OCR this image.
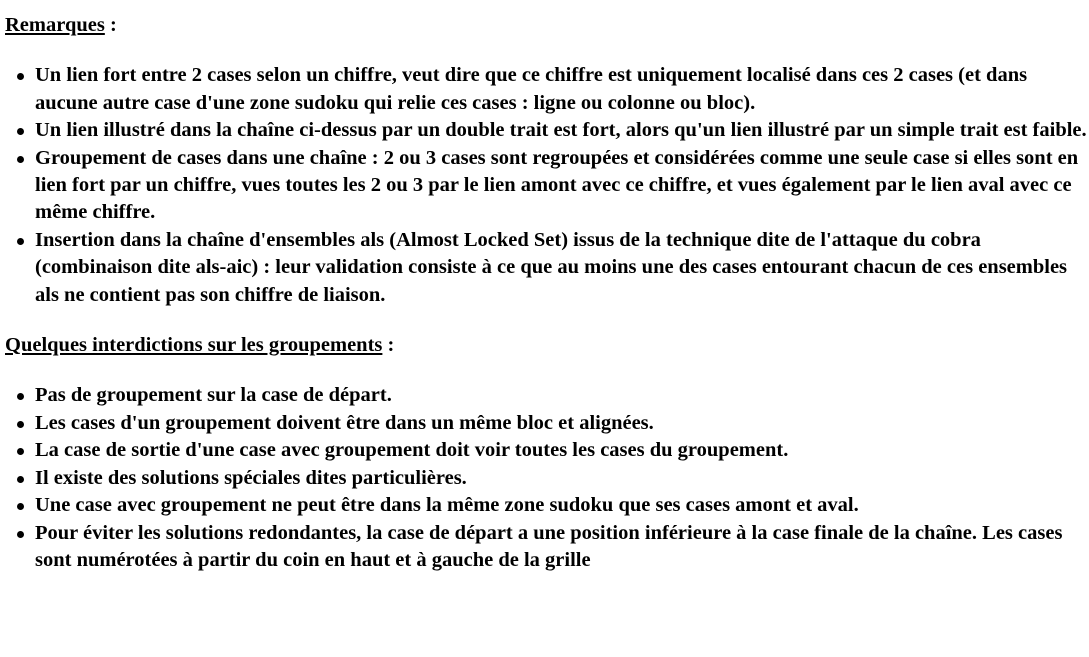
Remarques :

Un lien fort entre 2 cases selon un chiffre, veut dire que ce chiffre est uniquement localisé dans ces 2 cases (et dans aucune autre case d'une zone sudoku qui relie ces cases : ligne ou colonne ou bloc).
Un lien illustré dans la chaîne ci-dessus par un double trait est fort, alors qu'un lien illustré par un simple trait est faible.
Groupement de cases dans une chaîne : 2 ou 3 cases sont regroupées et considérées comme une seule case si elles sont en lien fort par un chiffre, vues toutes les 2 ou 3 par le lien amont avec ce chiffre, et vues également par le lien aval avec ce même chiffre.
Insertion dans la chaîne d'ensembles als (Almost Locked Set) issus de la technique dite de l'attaque du cobra (combinaison dite als-aic) : leur validation consiste à ce que au moins une des cases entourant chacun de ces ensembles als ne contient pas son chiffre de liaison.

Quelques interdictions sur les groupements :

Pas de groupement sur la case de départ.
Les cases d'un groupement doivent être dans un même bloc et alignées.
La case de sortie d'une case avec groupement doit voir toutes les cases du groupement.
Il existe des solutions spéciales dites particulières.
Une case avec groupement ne peut être dans la même zone sudoku que ses cases amont et aval.
Pour éviter les solutions redondantes, la case de départ a une position inférieure à la case finale de la chaîne. Les cases sont numérotées à partir du coin en haut et à gauche de la grille
